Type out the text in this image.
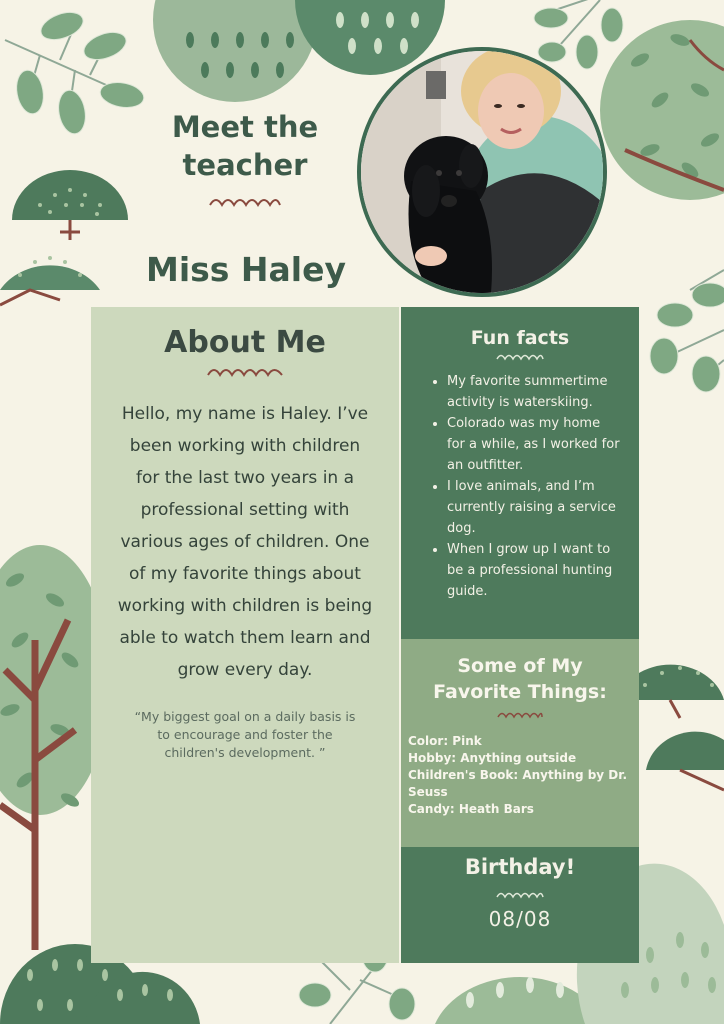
Meet the

teacher

Miss Haley

About Me
Hello, my name is Haley. I’ve been working with children for the last two years in a professional setting with various ages of children. One of my favorite things about working with children is being able to watch them learn and grow every day.
“My biggest goal on a daily basis is to encourage and foster the children's development. ”
Fun facts
• My favorite summertime activity is waterskiing.
• Colorado was my home for a while, as I worked for an outfitter.
• I love animals, and I’m currently raising a service dog.
• When I grow up I want to be a professional hunting guide.
Some of My
Favorite Things:
Color: Pink
Hobby: Anything outside
Children's Book: Anything by Dr. Seuss
Candy: Heath Bars
Birthday!
08/08
